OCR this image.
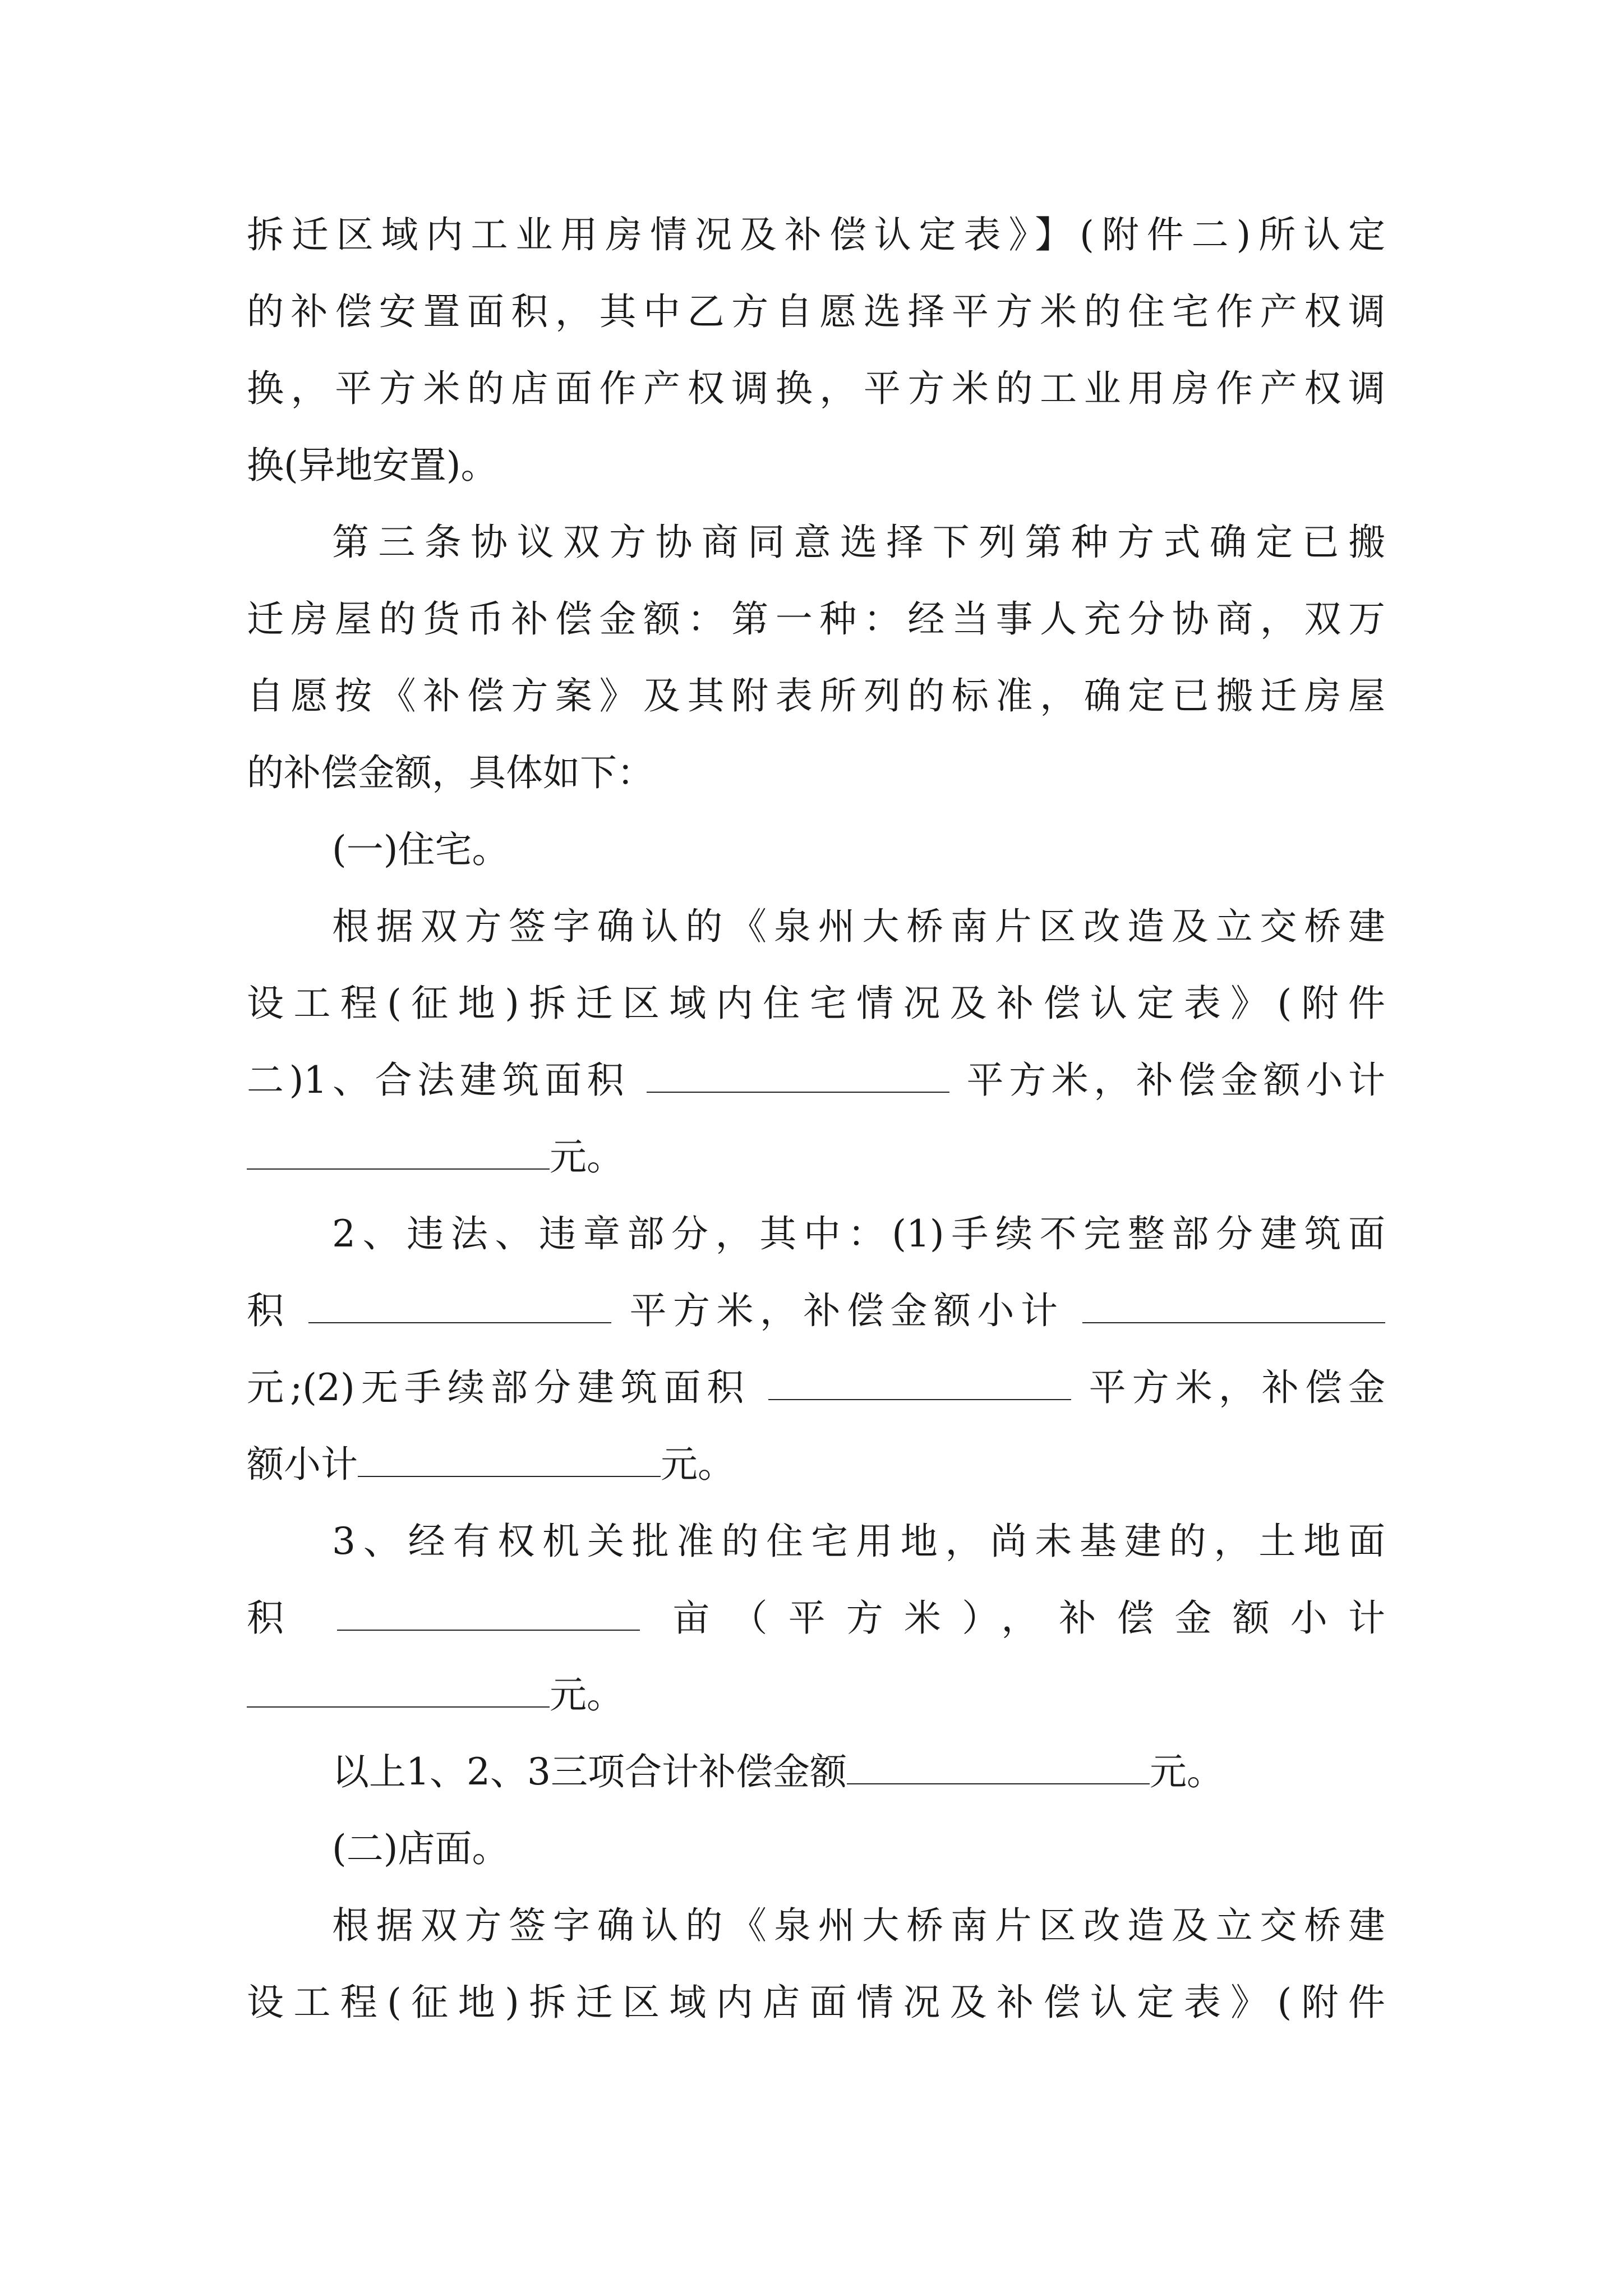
拆迁区域内工业用房情况及补偿认定表》】(附件二)所认定
的补偿安置面积，其中乙方自愿选择平方米的住宅作产权调
换，平方米的店面作产权调换，平方米的工业用房作产权调
换(异地安置)。
第三条协议双方协商同意选择下列第种方式确定已搬
迁房屋的货币补偿金额：第一种：经当事人充分协商，双万
自愿按《补偿方案》及其附表所列的标准，确定已搬迁房屋
的补偿金额，具体如下：
(一)住宅。
根据双方签字确认的《泉州大桥南片区改造及立交桥建
设工程(征地)拆迁区域内住宅情况及补偿认定表》(附件
二)1、合法建筑面积	平方米，补偿金额小计
元。
2、违法、违章部分，其中：(1)手续不完整部分建筑面
积	平方米，补偿金额小计
元;(2)无手续部分建筑面积	平方米，补偿金
额小计	元。
3、经有权机关批准的住宅用地，尚未基建的，土地面
积	亩（平方米），补偿金额小计
元。
以上1、2、3三项合计补偿金额	元。
(二)店面。
根据双方签字确认的《泉州大桥南片区改造及立交桥建
设工程(征地)拆迁区域内店面情况及补偿认定表》(附件
